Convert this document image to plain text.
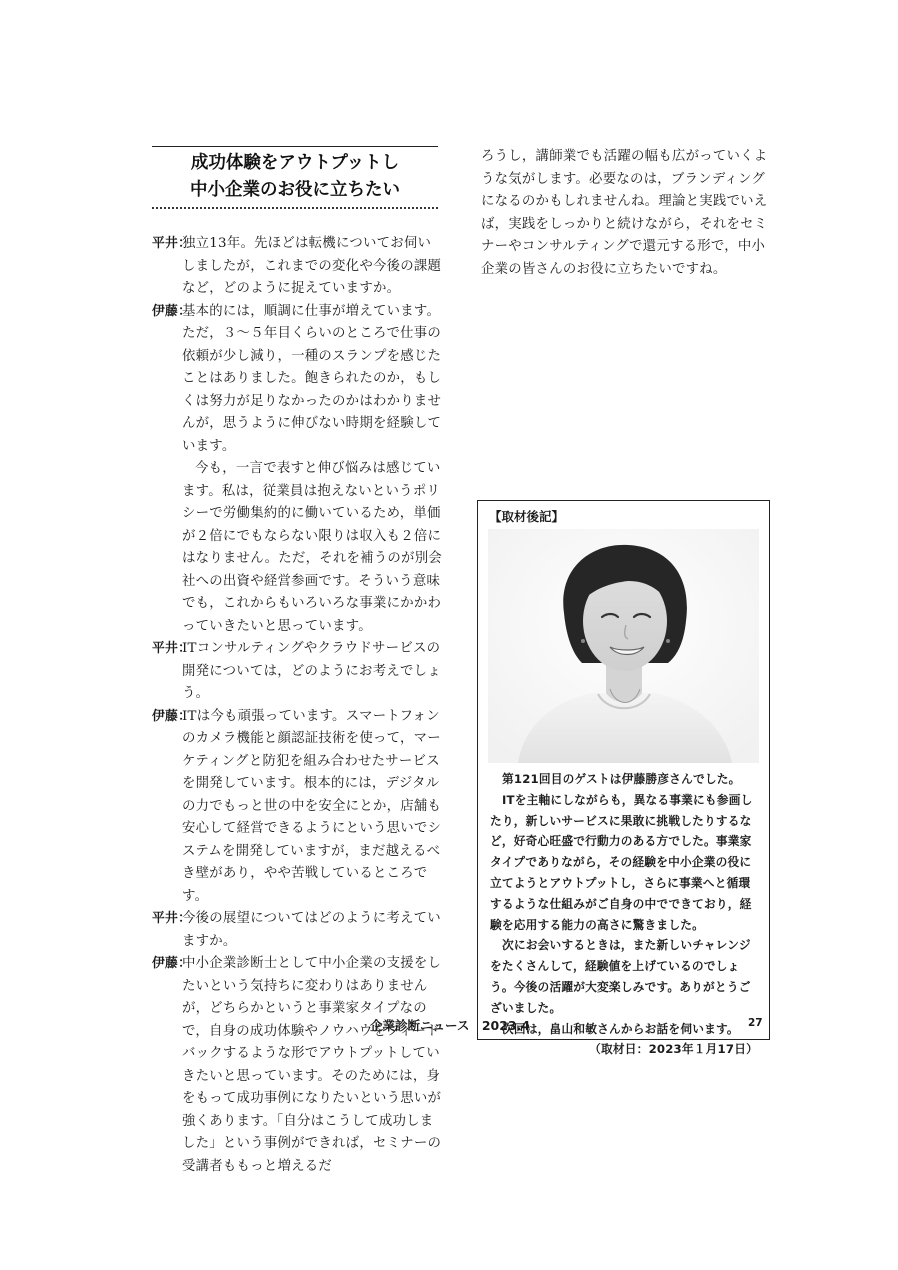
成功体験をアウトプットし
中小企業のお役に立ちたい
平井：

独立13年。先ほどは転機についてお伺いしましたが，これまでの変化や今後の課題など，どのように捉えていますか。

伊藤：

基本的には，順調に仕事が増えています。ただ，３～５年目くらいのところで仕事の依頼が少し減り，一種のスランプを感じたことはありました。飽きられたのか，もしくは努力が足りなかったのかはわかりませんが，思うように伸びない時期を経験しています。

今も，一言で表すと伸び悩みは感じています。私は，従業員は抱えないというポリシーで労働集約的に働いているため，単価が２倍にでもならない限りは収入も２倍にはなりません。ただ，それを補うのが別会社への出資や経営参画です。そういう意味でも，これからもいろいろな事業にかかわっていきたいと思っています。

平井：

ITコンサルティングやクラウドサービスの開発については，どのようにお考えでしょう。

伊藤：

ITは今も頑張っています。スマートフォンのカメラ機能と顔認証技術を使って，マーケティングと防犯を組み合わせたサービスを開発しています。根本的には，デジタルの力でもっと世の中を安全にとか，店舗も安心して経営できるようにという思いでシステムを開発していますが，まだ越えるべき壁があり，やや苦戦しているところです。

平井：

今後の展望についてはどのように考えていますか。

伊藤：

中小企業診断士として中小企業の支援をしたいという気持ちに変わりはありませんが，どちらかというと事業家タイプなので，自身の成功体験やノウハウをフィードバックするような形でアウトプットしていきたいと思っています。そのためには，身をもって成功事例になりたいという思いが強くあります。「自分はこうして成功しました」という事例ができれば，セミナーの受講者ももっと増えるだ

ろうし，講師業でも活躍の幅も広がっていくような気がします。必要なのは，ブランディングになるのかもしれませんね。理論と実践でいえば，実践をしっかりと続けながら，それをセミナーやコンサルティングで還元する形で，中小企業の皆さんのお役に立ちたいですね。

【取材後記】

第121回目のゲストは伊藤勝彦さんでした。

ITを主軸にしながらも，異なる事業にも参画したり，新しいサービスに果敢に挑戦したりするなど，好奇心旺盛で行動力のある方でした。事業家タイプでありながら，その経験を中小企業の役に立てようとアウトプットし，さらに事業へと循環するような仕組みがご自身の中でできており，経験を応用する能力の高さに驚きました。

次にお会いするときは，また新しいチャレンジをたくさんして，経験値を上げているのでしょう。今後の活躍が大変楽しみです。ありがとうございました。

次回は，畠山和敏さんからお話を伺います。

（取材日：2023年１月17日）

企業診断ニュース　2023.4	27
